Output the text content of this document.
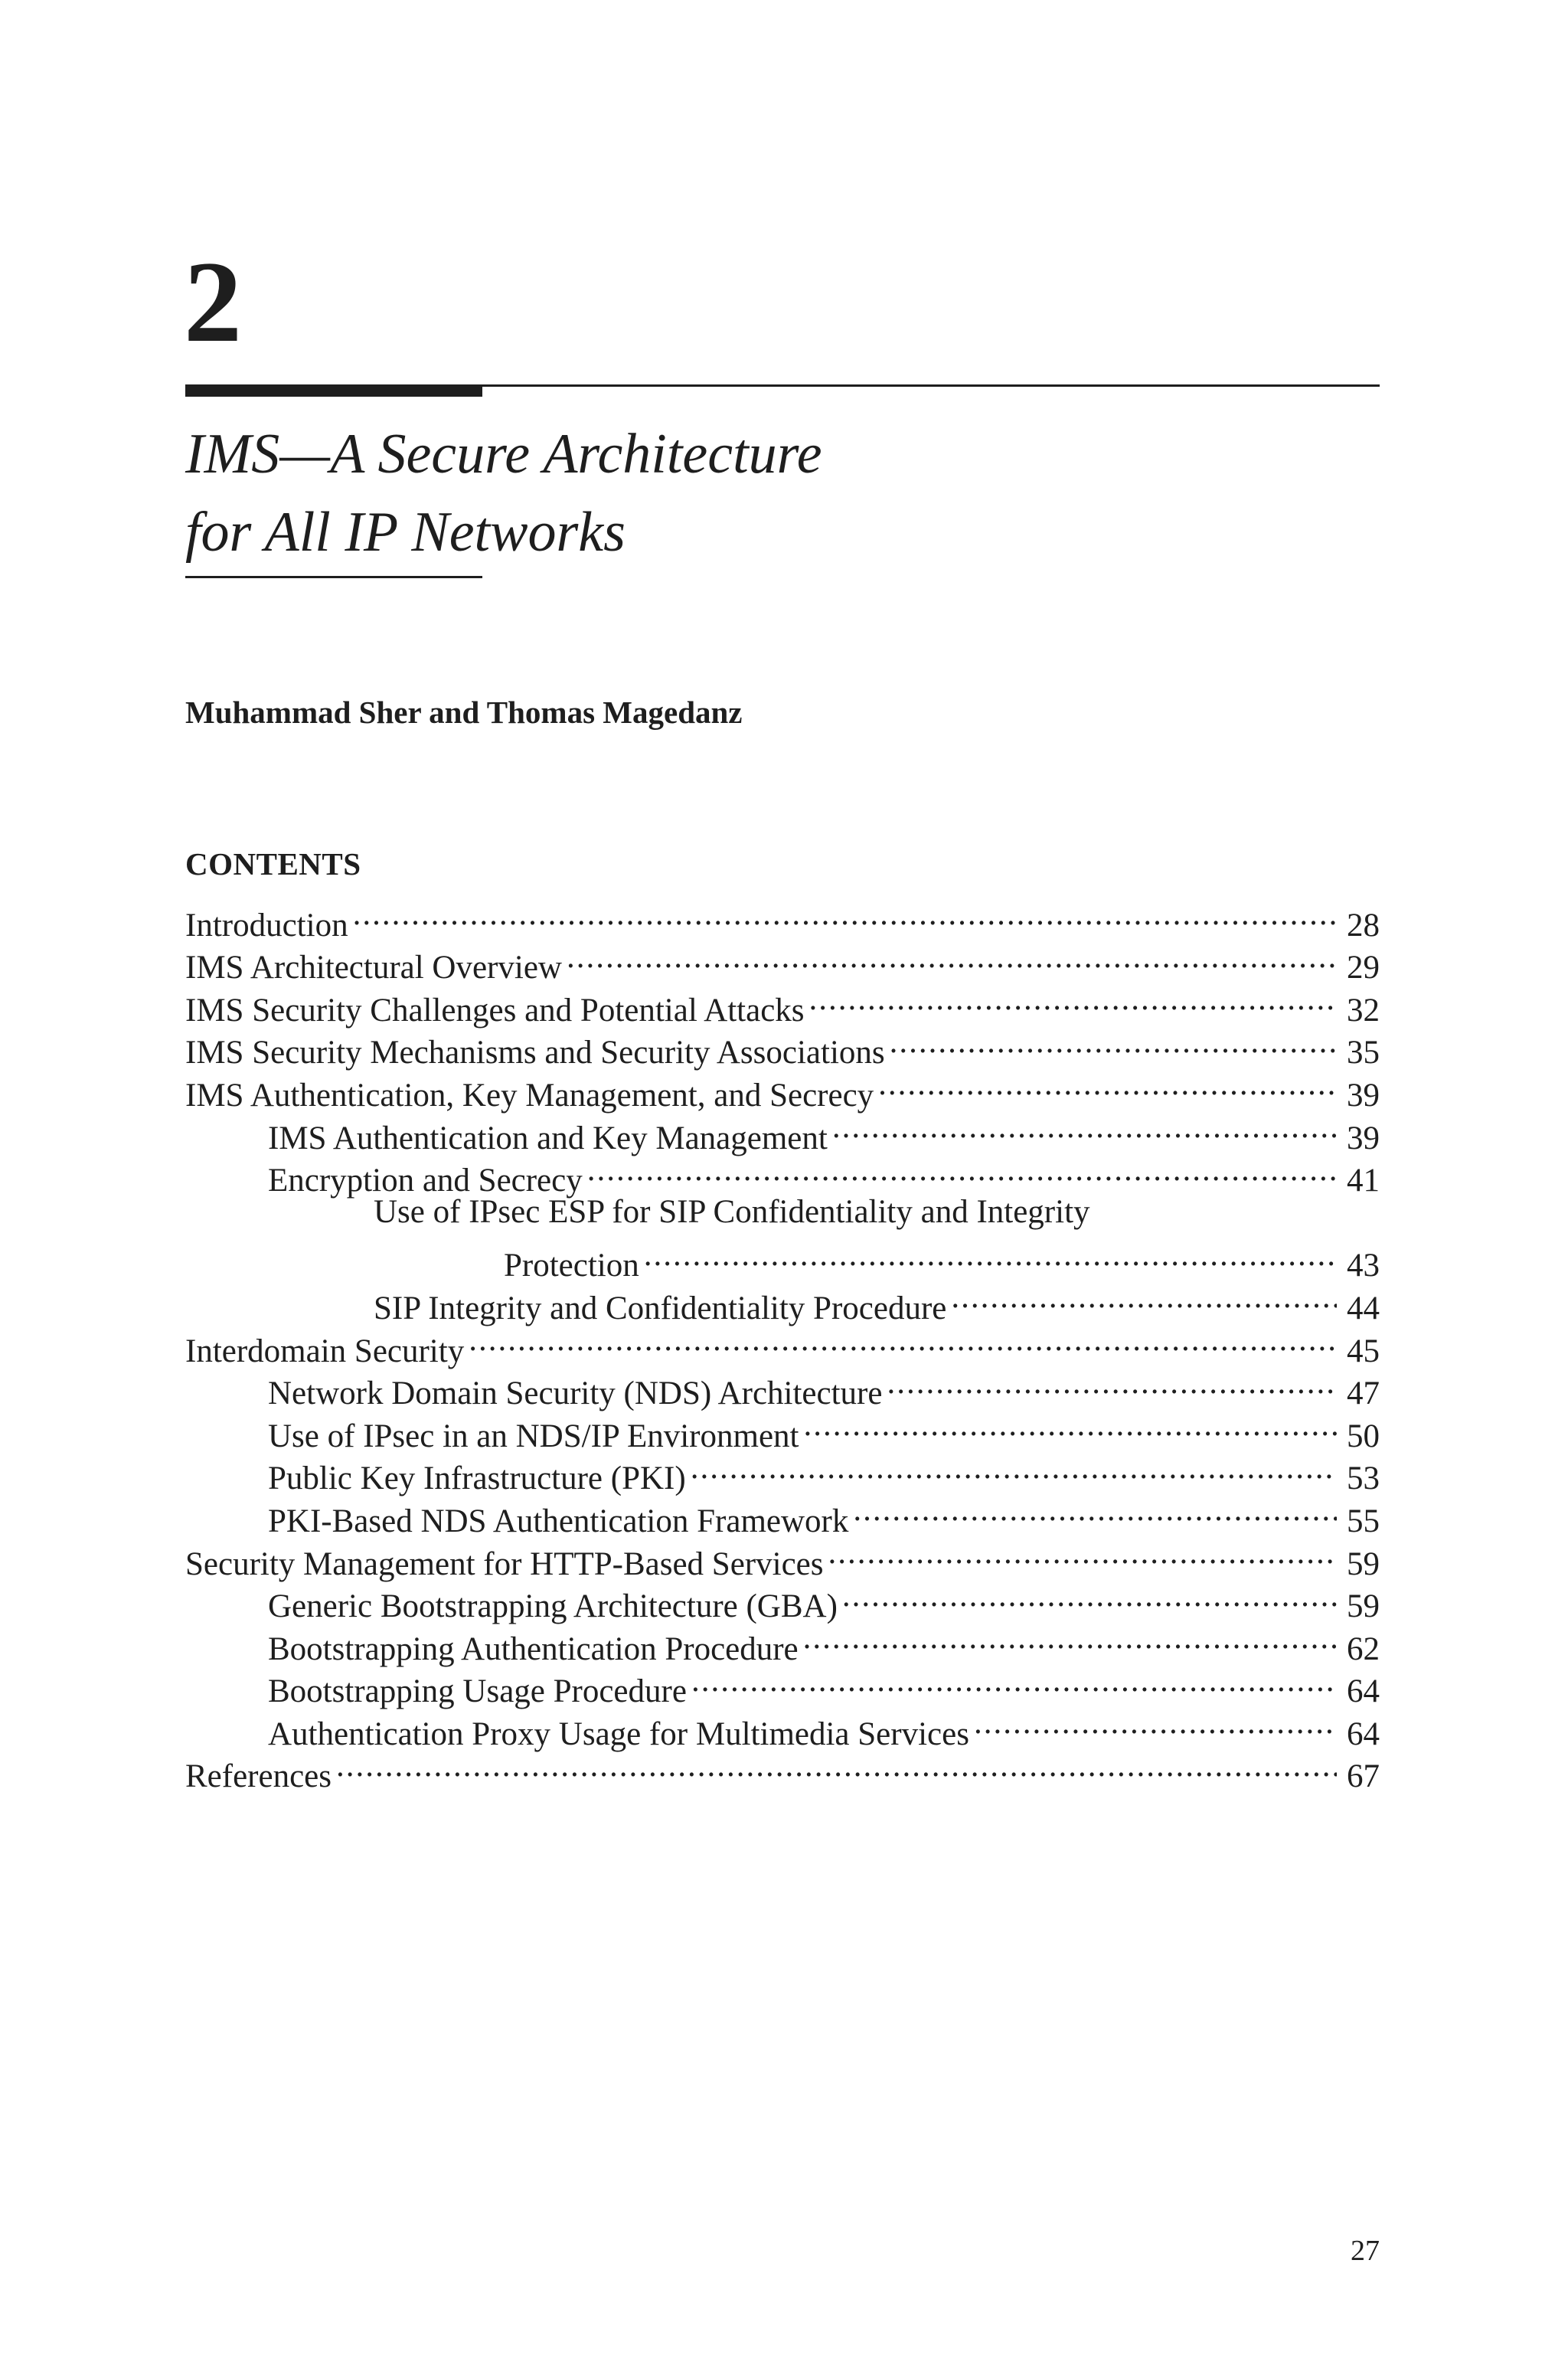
2
IMS—A Secure Architecture
for All IP Networks

Muhammad Sher and Thomas Magedanz

CONTENTS
Introduction .....	28
IMS Architectural Overview .....	29
IMS Security Challenges and Potential Attacks .....	32
IMS Security Mechanisms and Security Associations .....	35
IMS Authentication, Key Management, and Secrecy .....	39
IMS Authentication and Key Management .....	39
Encryption and Secrecy .....	41
Use of IPsec ESP for SIP Confidentiality and Integrity
Protection .....	43
SIP Integrity and Confidentiality Procedure .....	44
Interdomain Security .....	45
Network Domain Security (NDS) Architecture .....	47
Use of IPsec in an NDS/IP Environment .....	50
Public Key Infrastructure (PKI) .....	53
PKI-Based NDS Authentication Framework .....	55
Security Management for HTTP-Based Services .....	59
Generic Bootstrapping Architecture (GBA) .....	59
Bootstrapping Authentication Procedure .....	62
Bootstrapping Usage Procedure .....	64
Authentication Proxy Usage for Multimedia Services .....	64
References .....	67

27
